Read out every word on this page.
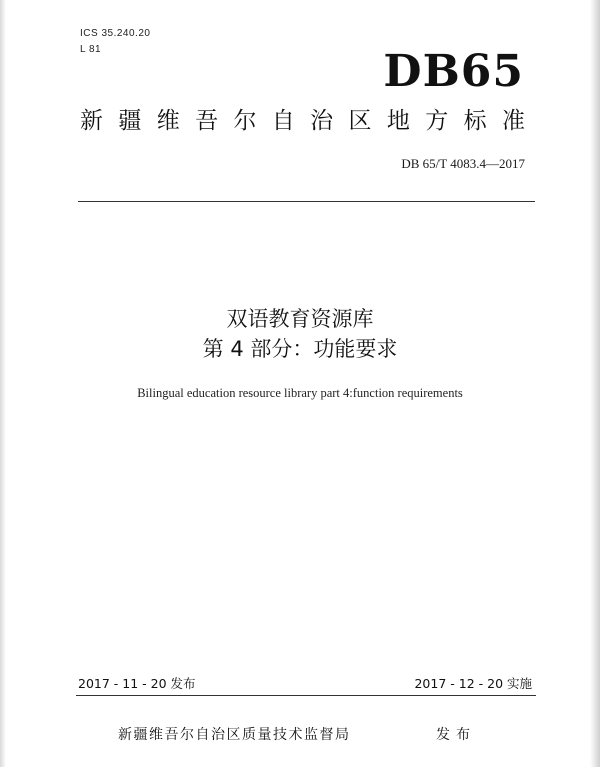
ICS 35.240.20
L 81	DB65
新 疆 维 吾 尔 自 治 区 地 方 标 准
DB 65/T 4083.4—2017
双语教育资源库
第 4 部分：功能要求
Bilingual education resource library part 4:function requirements
2017 - 11 - 20 发布	2017 - 12 - 20 实施
新疆维吾尔自治区质量技术监督局	发布
